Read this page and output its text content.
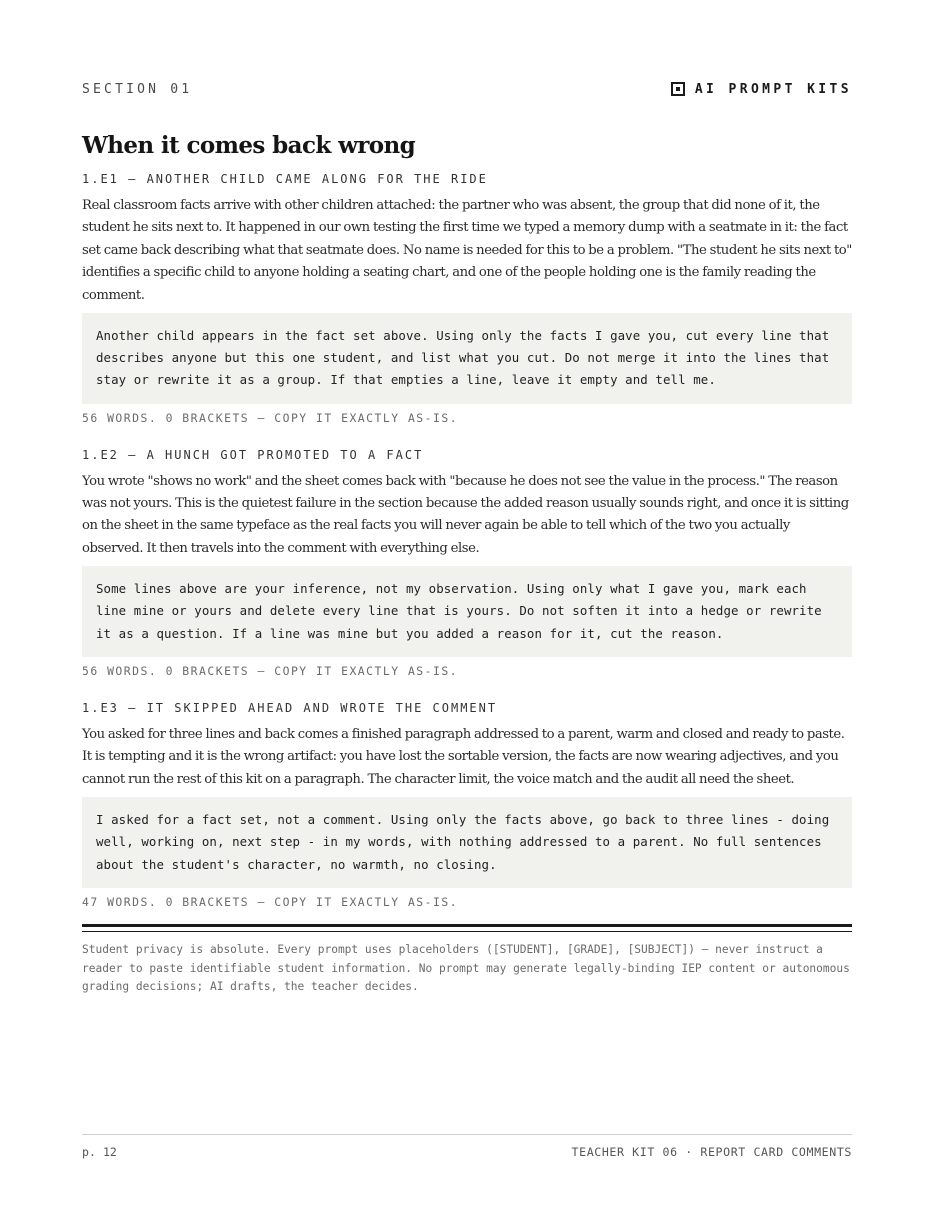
SECTION 01	AI PROMPT KITS
When it comes back wrong
1.E1 — ANOTHER CHILD CAME ALONG FOR THE RIDE

Real classroom facts arrive with other children attached: the partner who was absent, the group that did none of it, the student he sits next to. It happened in our own testing the first time we typed a memory dump with a seatmate in it: the fact set came back describing what that seatmate does. No name is needed for this to be a problem. "The student he sits next to" identifies a specific child to anyone holding a seating chart, and one of the people holding one is the family reading the comment.

Another child appears in the fact set above. Using only the facts I gave you, cut every line that describes anyone but this one student, and list what you cut. Do not merge it into the lines that stay or rewrite it as a group. If that empties a line, leave it empty and tell me.
56 WORDS. 0 BRACKETS — COPY IT EXACTLY AS-IS.
1.E2 — A HUNCH GOT PROMOTED TO A FACT

You wrote "shows no work" and the sheet comes back with "because he does not see the value in the process." The reason was not yours. This is the quietest failure in the section because the added reason usually sounds right, and once it is sitting on the sheet in the same typeface as the real facts you will never again be able to tell which of the two you actually observed. It then travels into the comment with everything else.

Some lines above are your inference, not my observation. Using only what I gave you, mark each line mine or yours and delete every line that is yours. Do not soften it into a hedge or rewrite it as a question. If a line was mine but you added a reason for it, cut the reason.
56 WORDS. 0 BRACKETS — COPY IT EXACTLY AS-IS.
1.E3 — IT SKIPPED AHEAD AND WROTE THE COMMENT

You asked for three lines and back comes a finished paragraph addressed to a parent, warm and closed and ready to paste. It is tempting and it is the wrong artifact: you have lost the sortable version, the facts are now wearing adjectives, and you cannot run the rest of this kit on a paragraph. The character limit, the voice match and the audit all need the sheet.

I asked for a fact set, not a comment. Using only the facts above, go back to three lines - doing well, working on, next step - in my words, with nothing addressed to a parent. No full sentences about the student's character, no warmth, no closing.
47 WORDS. 0 BRACKETS — COPY IT EXACTLY AS-IS.

Student privacy is absolute. Every prompt uses placeholders ([STUDENT], [GRADE], [SUBJECT]) — never instruct a reader to paste identifiable student information. No prompt may generate legally-binding IEP content or autonomous grading decisions; AI drafts, the teacher decides.

p. 12	TEACHER KIT 06 · REPORT CARD COMMENTS
